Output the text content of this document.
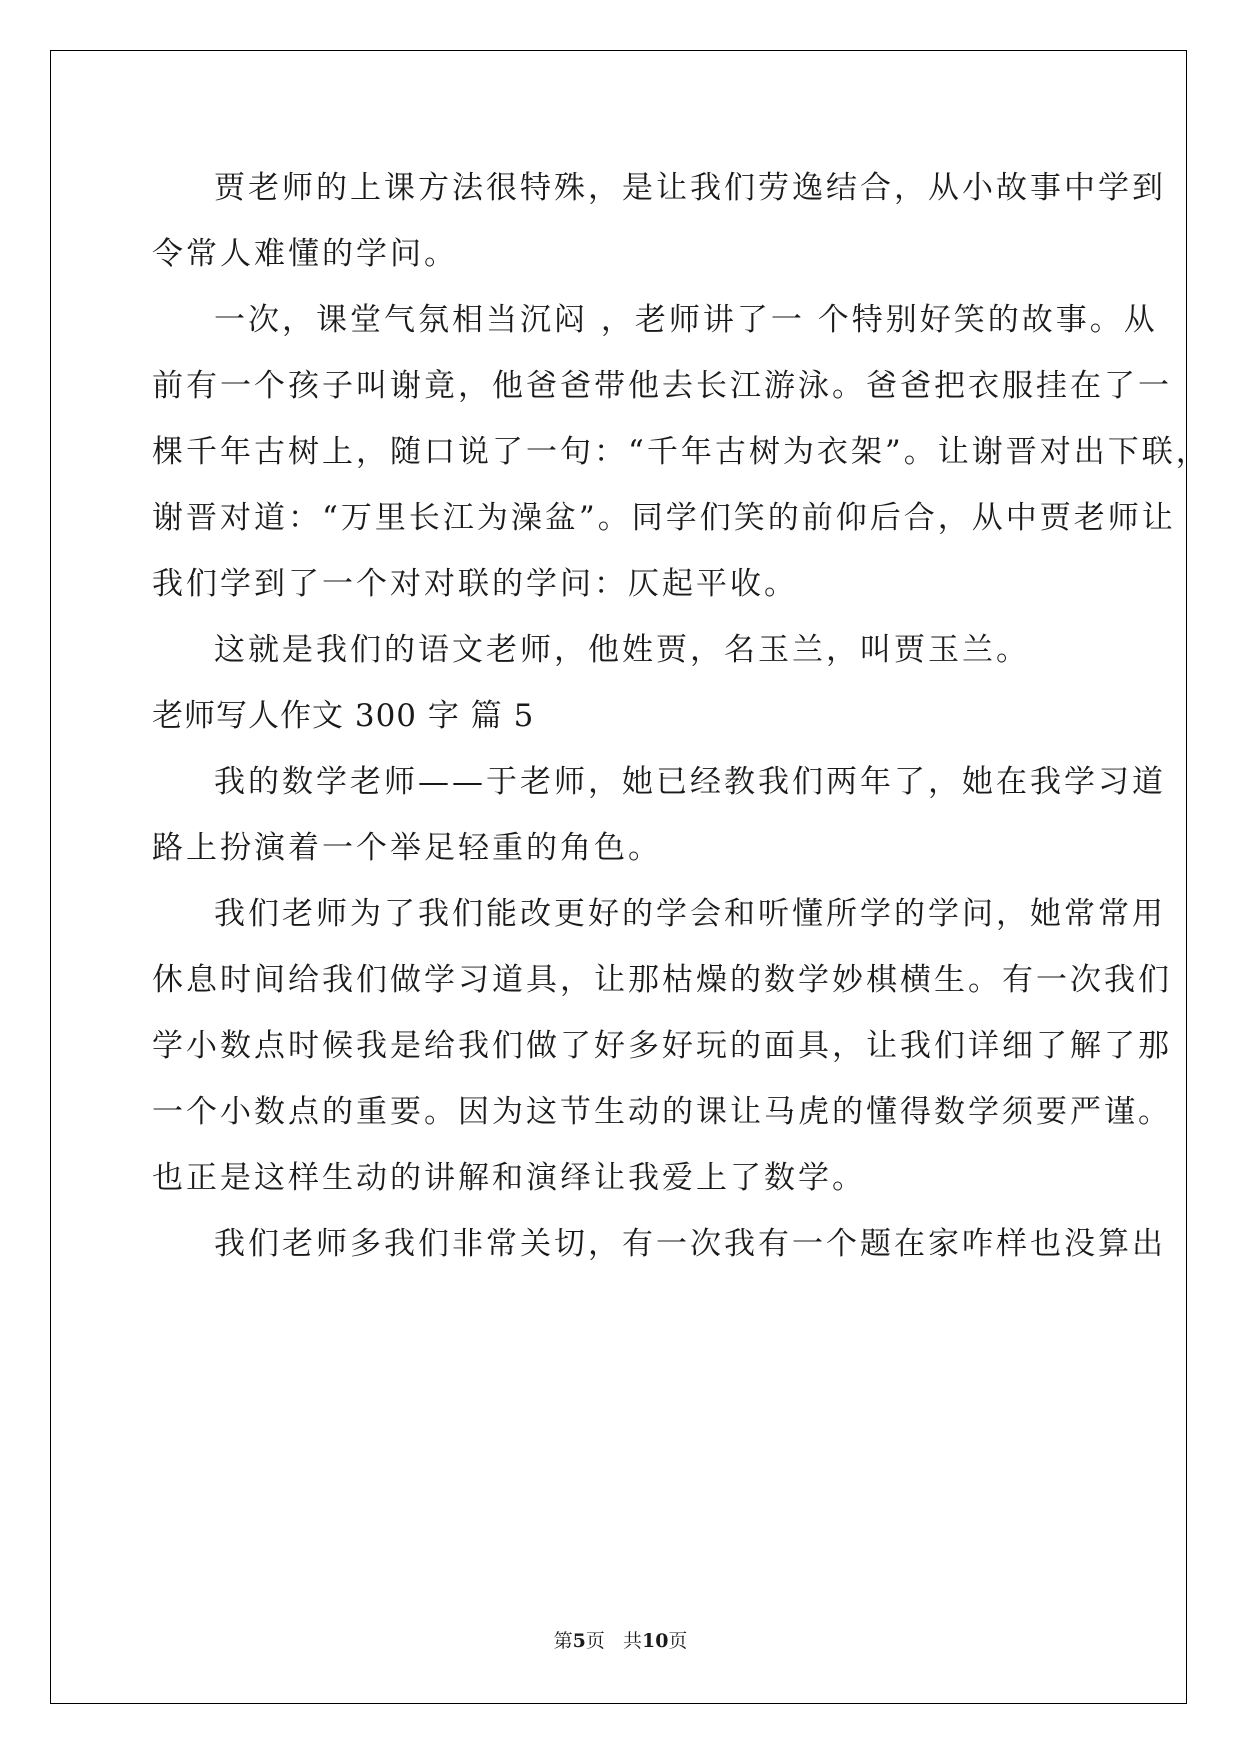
贾老师的上课方法很特殊，是让我们劳逸结合，从小故事中学到
令常人难懂的学问。
一次，课堂气氛相当沉闷 ，老师讲了一 个特别好笑的故事。从
前有一个孩子叫谢竟，他爸爸带他去长江游泳。爸爸把衣服挂在了一
棵千年古树上，随口说了一句：“千年古树为衣架”。让谢晋对出下联，
谢晋对道：“万里长江为澡盆”。同学们笑的前仰后合，从中贾老师让
我们学到了一个对对联的学问：仄起平收。
这就是我们的语文老师，他姓贾，名玉兰，叫贾玉兰。
老师写人作文 300 字 篇 5
我的数学老师——于老师，她已经教我们两年了，她在我学习道
路上扮演着一个举足轻重的角色。
我们老师为了我们能改更好的学会和听懂所学的学问，她常常用
休息时间给我们做学习道具，让那枯燥的数学妙棋横生。有一次我们
学小数点时候我是给我们做了好多好玩的面具，让我们详细了解了那
一个小数点的重要。因为这节生动的课让马虎的懂得数学须要严谨。
也正是这样生动的讲解和演绎让我爱上了数学。
我们老师多我们非常关切，有一次我有一个题在家咋样也没算出
第5页 共10页
